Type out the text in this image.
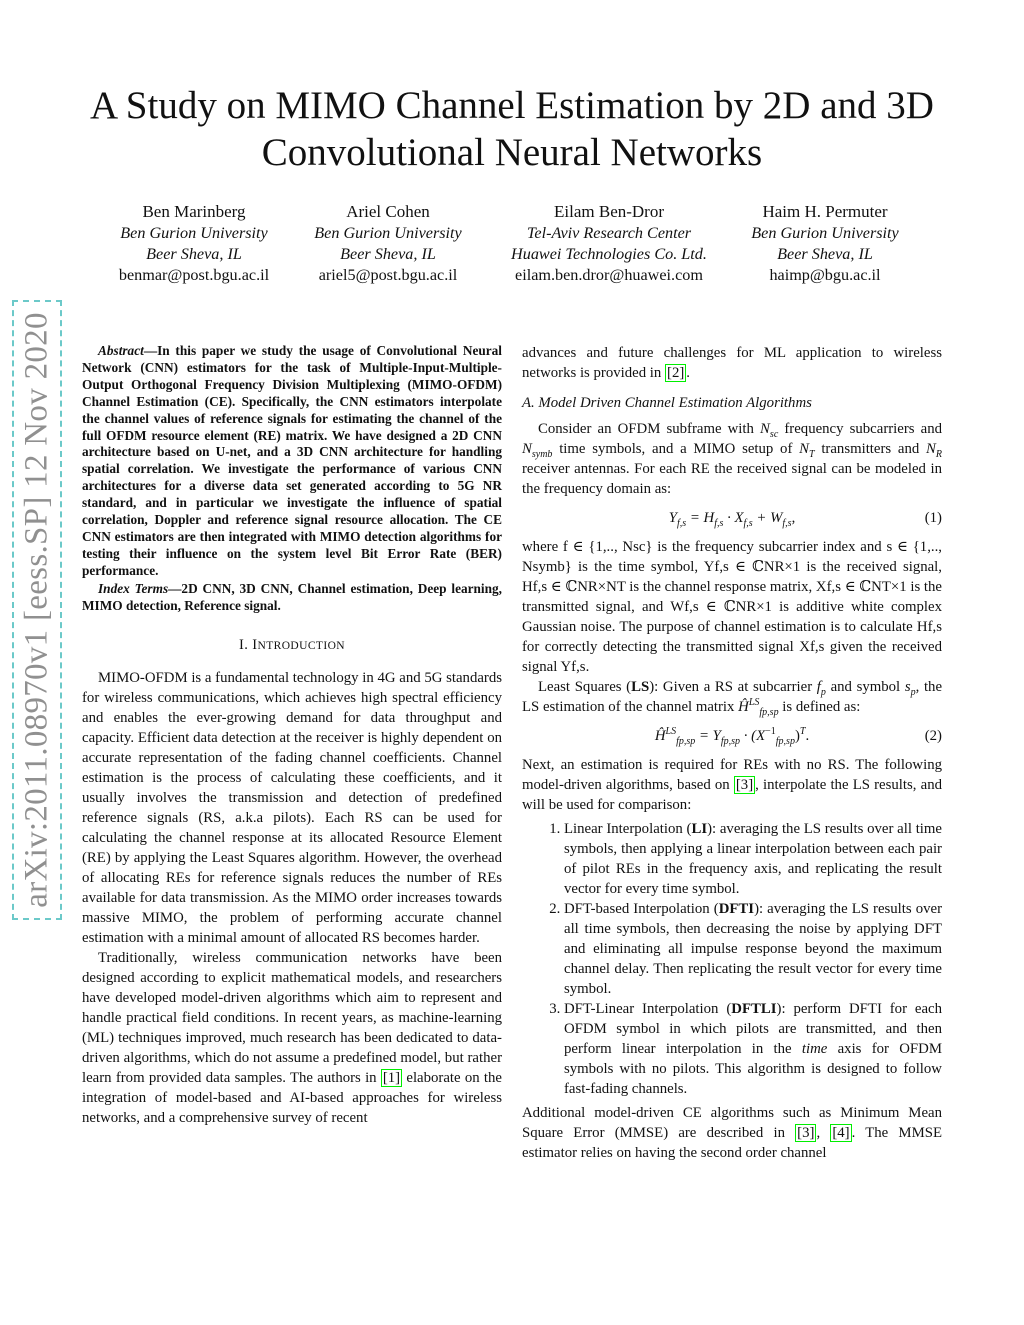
A Study on MIMO Channel Estimation by 2D and 3D Convolutional Neural Networks
Ben Marinberg
Ben Gurion University
Beer Sheva, IL
benmar@post.bgu.ac.il
Ariel Cohen
Ben Gurion University
Beer Sheva, IL
ariel5@post.bgu.ac.il
Eilam Ben-Dror
Tel-Aviv Research Center
Huawei Technologies Co. Ltd.
eilam.ben.dror@huawei.com
Haim H. Permuter
Ben Gurion University
Beer Sheva, IL
haimp@bgu.ac.il
arXiv:2011.08970v1 [eess.SP] 12 Nov 2020	Abstract—In this paper we study the usage of Convolutional Neural Network (CNN) estimators for the task of Multiple-Input-Multiple-Output Orthogonal Frequency Division Multiplexing (MIMO-OFDM) Channel Estimation (CE). Specifically, the CNN estimators interpolate the channel values of reference signals for estimating the channel of the full OFDM resource element (RE) matrix. We have designed a 2D CNN architecture based on U-net, and a 3D CNN architecture for handling spatial correlation. We investigate the performance of various CNN architectures for a diverse data set generated according to 5G NR standard, and in particular we investigate the influence of spatial correlation, Doppler and reference signal resource allocation. The CE CNN estimators are then integrated with MIMO detection algorithms for testing their influence on the system level Bit Error Rate (BER) performance.

Index Terms—2D CNN, 3D CNN, Channel estimation, Deep learning, MIMO detection, Reference signal.

I. INTRODUCTION

MIMO-OFDM is a fundamental technology in 4G and 5G standards for wireless communications, which achieves high spectral efficiency and enables the ever-growing demand for data throughput and capacity. Efficient data detection at the receiver is highly dependent on accurate representation of the fading channel coefficients. Channel estimation is the process of calculating these coefficients, and it usually involves the transmission and detection of predefined reference signals (RS, a.k.a pilots). Each RS can be used for calculating the channel response at its allocated Resource Element (RE) by applying the Least Squares algorithm. However, the overhead of allocating REs for reference signals reduces the number of REs available for data transmission. As the MIMO order increases towards massive MIMO, the problem of performing accurate channel estimation with a minimal amount of allocated RS becomes harder.

Traditionally, wireless communication networks have been designed according to explicit mathematical models, and researchers have developed model-driven algorithms which aim to represent and handle practical field conditions. In recent years, as machine-learning (ML) techniques improved, much research has been dedicated to data-driven algorithms, which do not assume a predefined model, but rather learn from provided data samples. The authors in [1] elaborate on the integration of model-based and AI-based approaches for wireless networks, and a comprehensive survey of recent

advances and future challenges for ML application to wireless networks is provided in [2] .

A. Model Driven Channel Estimation Algorithms

Consider an OFDM subframe with $N_{sc}$ frequency subcarriers and $N_{symb}$ time symbols, and a MIMO setup of $N_T$ transmitters and $N_R$ receiver antennas. For each RE the received signal can be modeled in the frequency domain as:

$Y_{f,s} = H_{f,s} \cdot X_{f,s} + W_{f,s}$,	(1)

where f ∈ {1,.., Nsc} is the frequency subcarrier index and s ∈ {1,.., Nsymb} is the time symbol, Yf,s ∈ ℂNR×1 is the received signal, Hf,s ∈ ℂNR×NT is the channel response matrix, Xf,s ∈ ℂNT×1 is the transmitted signal, and Wf,s ∈ ℂNR×1 is additive white complex Gaussian noise. The purpose of channel estimation is to calculate Hf,s for correctly detecting the transmitted signal Xf,s given the received signal Yf,s.

Least Squares (LS): Given a RS at subcarrier $f_p$ and symbol $s_p$, the LS estimation of the channel matrix $Ĥ^{LS}_{fp,sp}$ is defined as:

$Ĥ^{LS}_{fp,sp} = Y_{fp,sp} \cdot (X^{-1}_{fp,sp})^T$.	(2)

Next, an estimation is required for REs with no RS. The following model-driven algorithms, based on [3] , interpolate the LS results, and will be used for comparison:

1. Linear Interpolation (LI): averaging the LS results over all time symbols, then applying a linear interpolation between each pair of pilot REs in the frequency axis, and replicating the result vector for every time symbol.
2. DFT-based Interpolation (DFTI): averaging the LS results over all time symbols, then decreasing the noise by applying DFT and eliminating all impulse response beyond the maximum channel delay. Then replicating the result vector for every time symbol.
3. DFT-Linear Interpolation (DFTLI): perform DFTI for each OFDM symbol in which pilots are transmitted, and then perform linear interpolation in the time axis for OFDM symbols with no pilots. This algorithm is designed to follow fast-fading channels.

Additional model-driven CE algorithms such as Minimum Mean Square Error (MMSE) are described in [3] , [4] . The MMSE estimator relies on having the second order channel
